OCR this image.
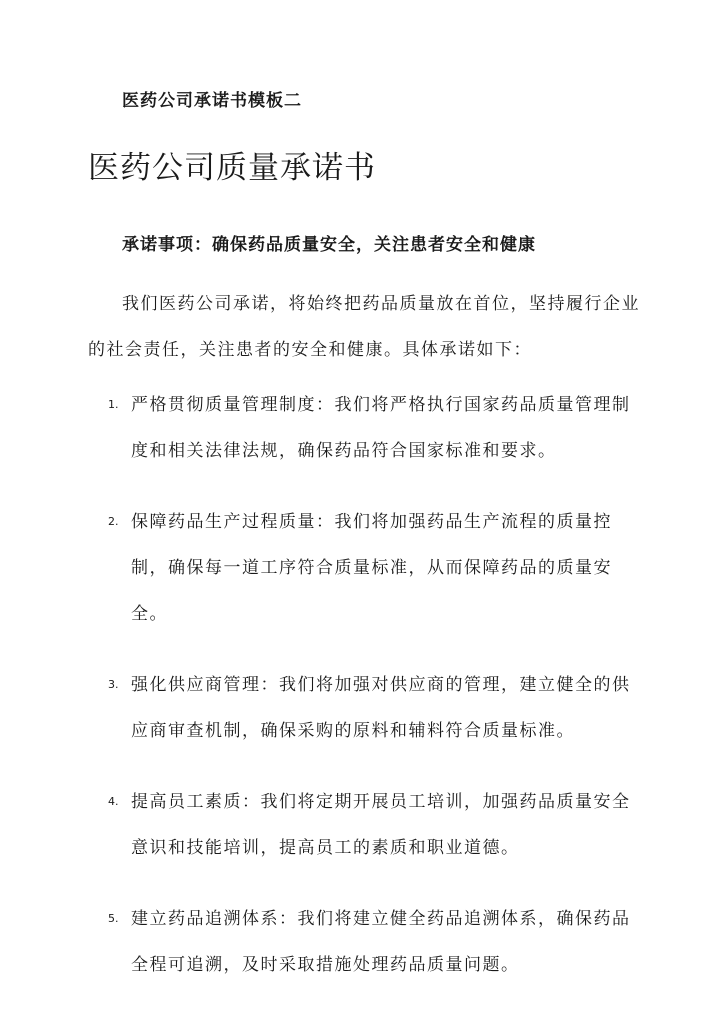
医药公司承诺书模板二
医药公司质量承诺书
承诺事项：确保药品质量安全，关注患者安全和健康
我们医药公司承诺，将始终把药品质量放在首位，坚持履行企业的社会责任，关注患者的安全和健康。具体承诺如下：
1. 严格贯彻质量管理制度：我们将严格执行国家药品质量管理制度和相关法律法规，确保药品符合国家标准和要求。
2. 保障药品生产过程质量：我们将加强药品生产流程的质量控制，确保每一道工序符合质量标准，从而保障药品的质量安全。
3. 强化供应商管理：我们将加强对供应商的管理，建立健全的供应商审查机制，确保采购的原料和辅料符合质量标准。
4. 提高员工素质：我们将定期开展员工培训，加强药品质量安全意识和技能培训，提高员工的素质和职业道德。
5. 建立药品追溯体系：我们将建立健全药品追溯体系，确保药品全程可追溯，及时采取措施处理药品质量问题。
